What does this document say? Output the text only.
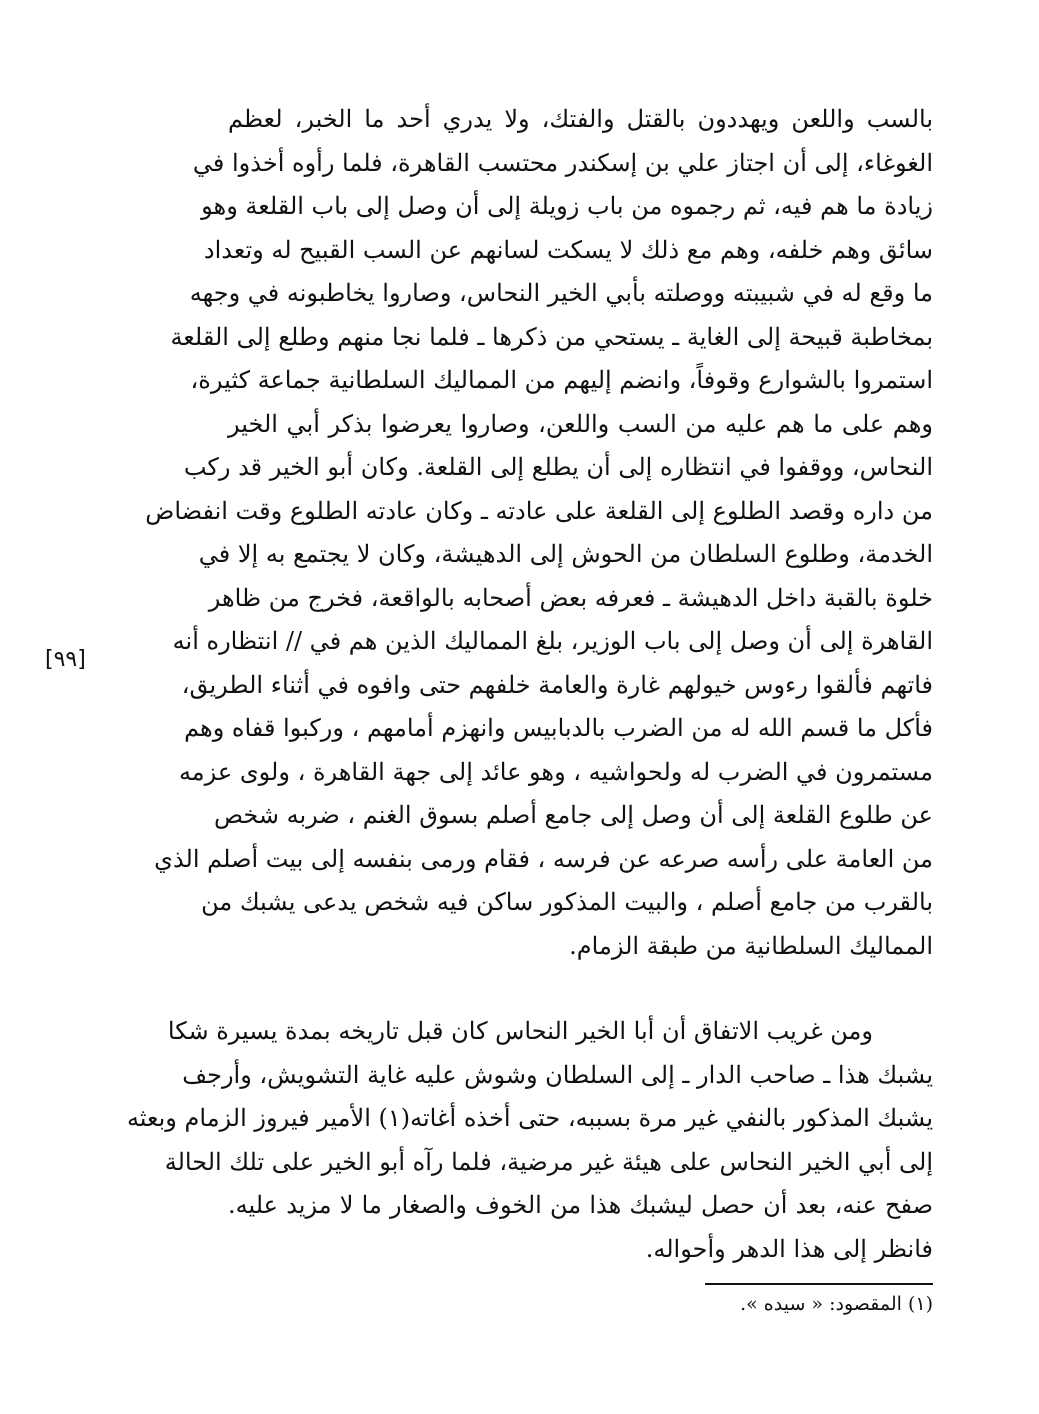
بالسب واللعن ويهددون بالقتل والفتك، ولا يدري أحد ما الخبر، لعظم
الغوغاء، إلى أن اجتاز علي بن إسكندر محتسب القاهرة، فلما رأوه أخذوا في
زيادة ما هم فيه، ثم رجموه من باب زويلة إلى أن وصل إلى باب القلعة وهو
سائق وهم خلفه، وهم مع ذلك لا يسكت لسانهم عن السب القبيح له وتعداد
ما وقع له في شبيبته ووصلته بأبي الخير النحاس، وصاروا يخاطبونه في وجهه
بمخاطبة قبيحة إلى الغاية ـ يستحي من ذكرها ـ فلما نجا منهم وطلع إلى القلعة
استمروا بالشوارع وقوفاً، وانضم إليهم من المماليك السلطانية جماعة كثيرة،
وهم على ما هم عليه من السب واللعن، وصاروا يعرضوا بذكر أبي الخير
النحاس، ووقفوا في انتظاره إلى أن يطلع إلى القلعة. وكان أبو الخير قد ركب
من داره وقصد الطلوع إلى القلعة على عادته ـ وكان عادته الطلوع وقت انفضاض
الخدمة، وطلوع السلطان من الحوش إلى الدهيشة، وكان لا يجتمع به إلا في
خلوة بالقبة داخل الدهيشة ـ فعرفه بعض أصحابه بالواقعة، فخرج من ظاهر
القاهرة إلى أن وصل إلى باب الوزير، بلغ المماليك الذين هم في // انتظاره أنه
فاتهم فألقوا رءوس خيولهم غارة والعامة خلفهم حتى وافوه في أثناء الطريق،
فأكل ما قسم الله له من الضرب بالدبابيس وانهزم أمامهم ، وركبوا قفاه وهم
مستمرون في الضرب له ولحواشيه ، وهو عائد إلى جهة القاهرة ، ولوى عزمه
عن طلوع القلعة إلى أن وصل إلى جامع أصلم بسوق الغنم ، ضربه شخص
من العامة على رأسه صرعه عن فرسه ، فقام ورمى بنفسه إلى بيت أصلم الذي
بالقرب من جامع أصلم ، والبيت المذكور ساكن فيه شخص يدعى يشبك من
المماليك السلطانية من طبقة الزمام.
[٩٩]
ومن غريب الاتفاق أن أبا الخير النحاس كان قبل تاريخه بمدة يسيرة شكا
يشبك هذا ـ صاحب الدار ـ إلى السلطان وشوش عليه غاية التشويش، وأرجف
يشبك المذكور بالنفي غير مرة بسببه، حتى أخذه أغاته(١) الأمير فيروز الزمام وبعثه
إلى أبي الخير النحاس على هيئة غير مرضية، فلما رآه أبو الخير على تلك الحالة
صفح عنه، بعد أن حصل ليشبك هذا من الخوف والصغار ما لا مزيد عليه.
فانظر إلى هذا الدهر وأحواله.
(١) المقصود: « سيده ».
